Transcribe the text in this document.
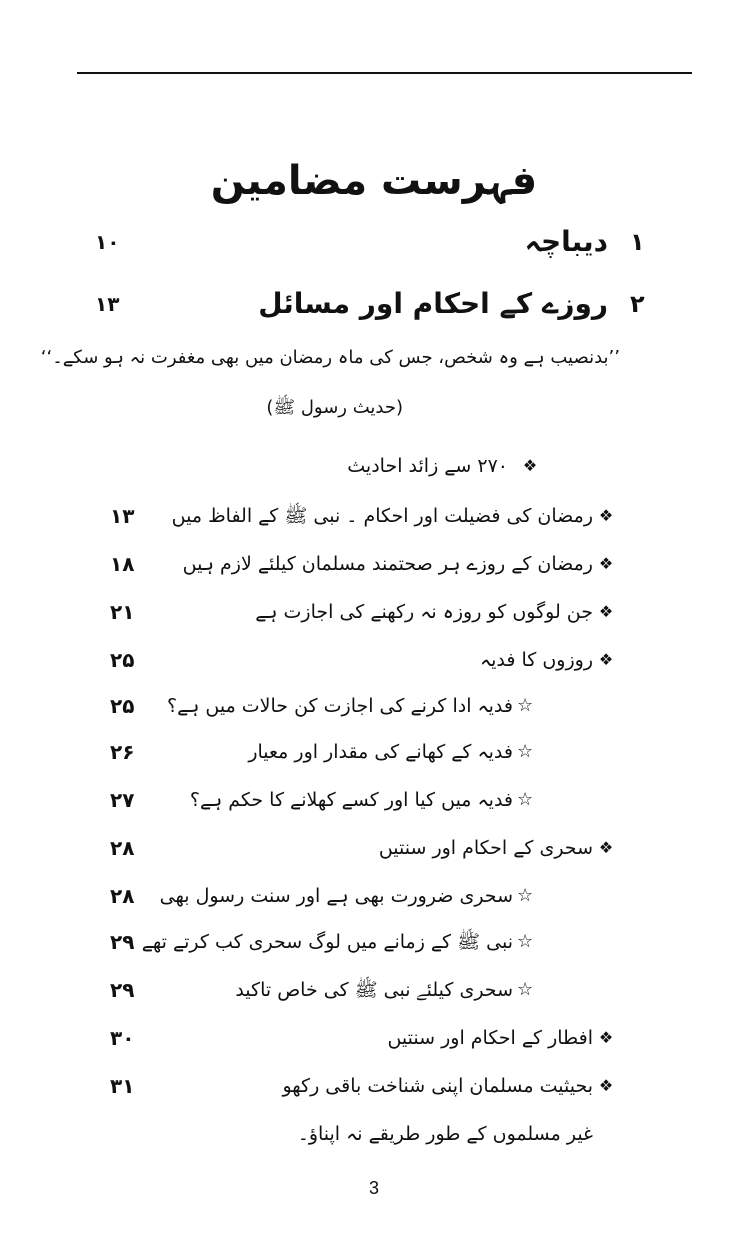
فہرست مضامین
۱۰	دیباچہ ۱
۱۳	روزے کے احکام اور مسائل ۲
’’بدنصیب ہے وہ شخص، جس کی ماہ رمضان میں بھی مغفرت نہ ہو سکے۔‘‘
(حدیث رسول ﷺ)
❖
۲۷۰ سے زائد احادیث
۱۳ رمضان کی فضیلت اور احکام ۔ نبی ﷺ کے الفاظ میں ❖
۱۸	رمضان کے روزے ہر صحتمند مسلمان کیلئے لازم ہیں ❖
۲۱	جن لوگوں کو روزہ نہ رکھنے کی اجازت ہے ❖
۲۵	روزوں کا فدیہ ❖
۲۵ فدیہ ادا کرنے کی اجازت کن حالات میں ہے؟ ☆
۲۶	فدیہ کے کھانے کی مقدار اور معیار ☆
۲۷	فدیہ میں کیا اور کسے کھلانے کا حکم ہے؟ ☆
۲۸	سحری کے احکام اور سنتیں ❖
۲۸ سحری ضرورت بھی ہے اور سنت رسول بھی ☆
۲۹ نبی ﷺ کے زمانے میں لوگ سحری کب کرتے تھے ☆
۲۹	سحری کیلئے نبی ﷺ کی خاص تاکید ☆
۳۰	افطار کے احکام اور سنتیں ❖
۳۱	بحیثیت مسلمان اپنی شناخت باقی رکھو ❖
غیر مسلموں کے طور طریقے نہ اپناؤ۔
3
